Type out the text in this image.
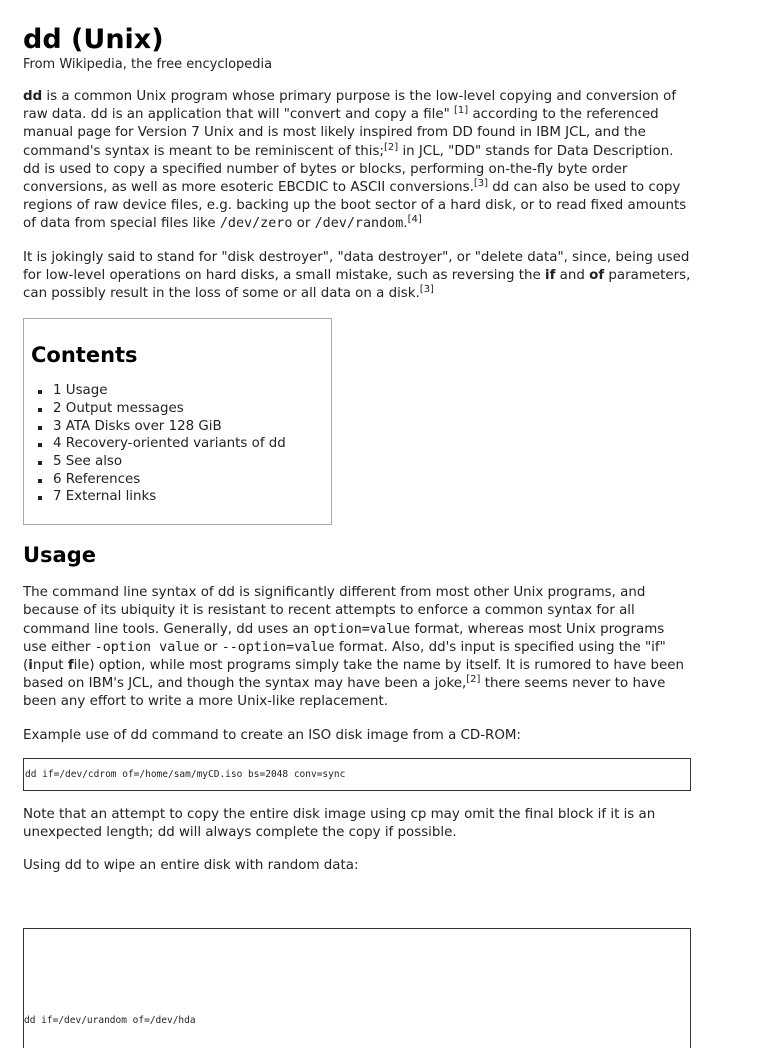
dd (Unix)
From Wikipedia, the free encyclopedia

dd is a common Unix program whose primary purpose is the low-level copying and conversion of raw data. dd is an application that will "convert and copy a file" [1] according to the referenced manual page for Version 7 Unix and is most likely inspired from DD found in IBM JCL, and the command's syntax is meant to be reminiscent of this;[2] in JCL, "DD" stands for Data Description. dd is used to copy a specified number of bytes or blocks, performing on-the-fly byte order conversions, as well as more esoteric EBCDIC to ASCII conversions.[3] dd can also be used to copy regions of raw device files, e.g. backing up the boot sector of a hard disk, or to read fixed amounts of data from special files like /dev/zero or /dev/random.[4]

It is jokingly said to stand for "disk destroyer", "data destroyer", or "delete data", since, being used for low-level operations on hard disks, a small mistake, such as reversing the if and of parameters, can possibly result in the loss of some or all data on a disk.[3]

Contents
1 Usage
2 Output messages
3 ATA Disks over 128 GiB
4 Recovery-oriented variants of dd
5 See also
6 References
7 External links
Usage

The command line syntax of dd is significantly different from most other Unix programs, and because of its ubiquity it is resistant to recent attempts to enforce a common syntax for all command line tools. Generally, dd uses an option=value format, whereas most Unix programs use either -option value or --option=value format. Also, dd's input is specified using the "if" (input file) option, while most programs simply take the name by itself. It is rumored to have been based on IBM's JCL, and though the syntax may have been a joke,[2] there seems never to have been any effort to write a more Unix-like replacement.

Example use of dd command to create an ISO disk image from a CD-ROM:

dd if=/dev/cdrom of=/home/sam/myCD.iso bs=2048 conv=sync

Note that an attempt to copy the entire disk image using cp may omit the final block if it is an unexpected length; dd will always complete the copy if possible.

Using dd to wipe an entire disk with random data:

dd if=/dev/urandom of=/dev/hda
